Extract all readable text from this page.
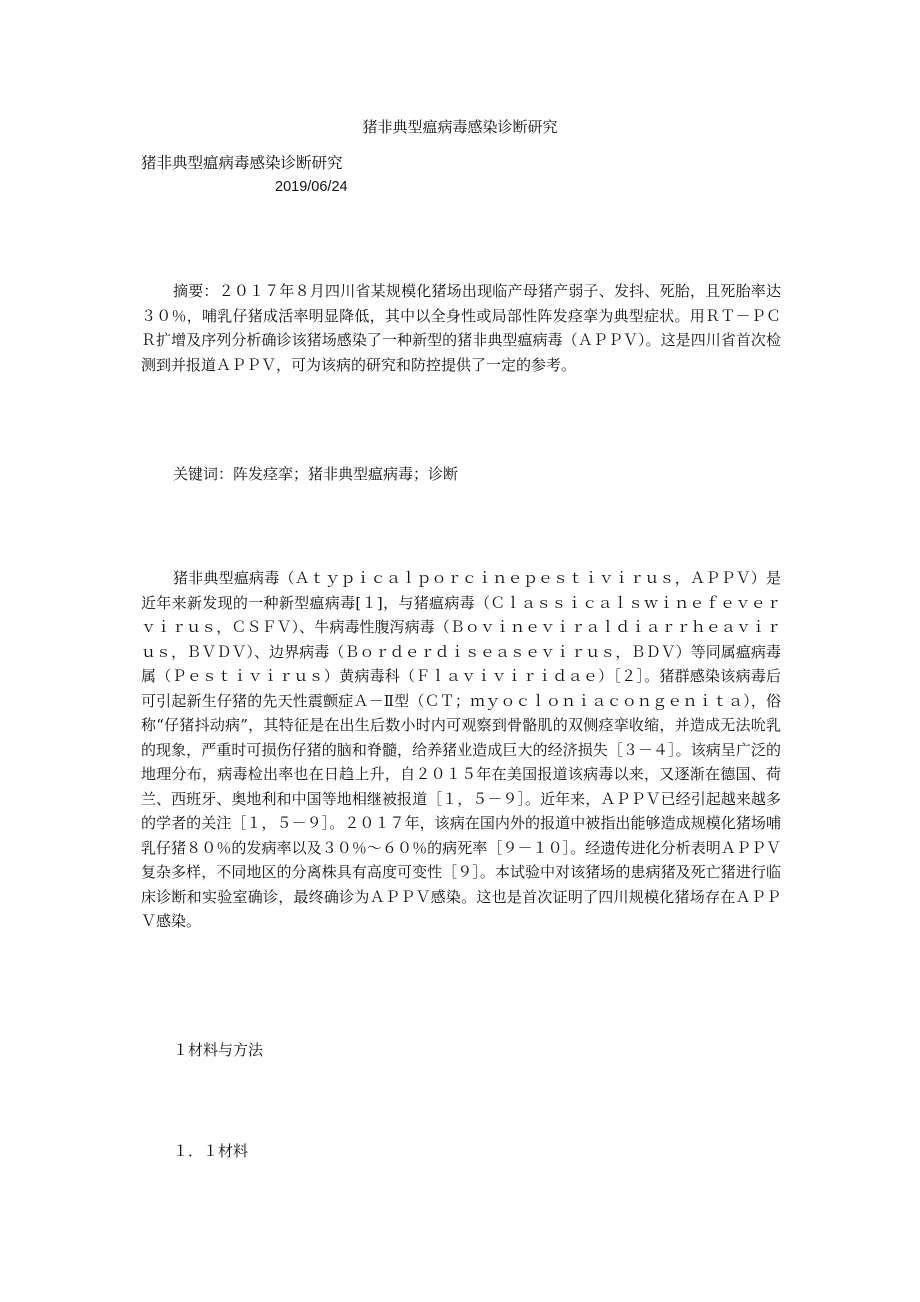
猪非典型瘟病毒感染诊断研究
猪非典型瘟病毒感染诊断研究
2019/06/24

摘要：２０１７年８月四川省某规模化猪场出现临产母猪产弱子、发抖、死胎，且死胎率达３０％，哺乳仔猪成活率明显降低，其中以全身性或局部性阵发痉挛为典型症状。用ＲＴ－ＰＣＲ扩增及序列分析确诊该猪场感染了一种新型的猪非典型瘟病毒（ＡＰＰＶ）。这是四川省首次检测到并报道ＡＰＰＶ，可为该病的研究和防控提供了一定的参考。

关键词：阵发痉挛；猪非典型瘟病毒；诊断

猪非典型瘟病毒（Ａｔｙｐｉｃａｌｐｏｒｃｉｎｅｐｅｓｔｉｖｉｒｕｓ，ＡＰＰＶ）是近年来新发现的一种新型瘟病毒[１]，与猪瘟病毒（Ｃｌａｓｓｉｃａｌｓｗｉｎｅｆｅｖｅｒｖｉｒｕｓ，ＣＳＦＶ）、牛病毒性腹泻病毒（Ｂｏｖｉｎｅｖｉｒａｌｄｉａｒｒｈｅａｖｉｒｕｓ，ＢＶＤＶ）、边界病毒（Ｂｏｒｄｅｒｄｉｓｅａｓｅｖｉｒｕｓ，ＢＤＶ）等同属瘟病毒属（Ｐｅｓｔｉｖｉｒｕｓ）黄病毒科（Ｆｌａｖｉｖｉｒｉｄａｅ）［２］。猪群感染该病毒后可引起新生仔猪的先天性震颤症Ａ－Ⅱ型（ＣＴ；ｍｙｏｃｌｏｎｉａｃｏｎｇｅｎｉｔａ），俗称“仔猪抖动病”，其特征是在出生后数小时内可观察到骨骼肌的双侧痉挛收缩，并造成无法吮乳的现象，严重时可损伤仔猪的脑和脊髓，给养猪业造成巨大的经济损失［３－４］。该病呈广泛的地理分布，病毒检出率也在日趋上升，自２０１５年在美国报道该病毒以来，又逐渐在德国、荷兰、西班牙、奥地利和中国等地相继被报道［１，５－９］。近年来，ＡＰＰＶ已经引起越来越多的学者的关注［１，５－９］。２０１７年，该病在国内外的报道中被指出能够造成规模化猪场哺乳仔猪８０％的发病率以及３０％～６０％的病死率［９－１０］。经遗传进化分析表明ＡＰＰＶ复杂多样，不同地区的分离株具有高度可变性［９］。本试验中对该猪场的患病猪及死亡猪进行临床诊断和实验室确诊，最终确诊为ＡＰＰＶ感染。这也是首次证明了四川规模化猪场存在ＡＰＰＶ感染。

１材料与方法
１．１材料
